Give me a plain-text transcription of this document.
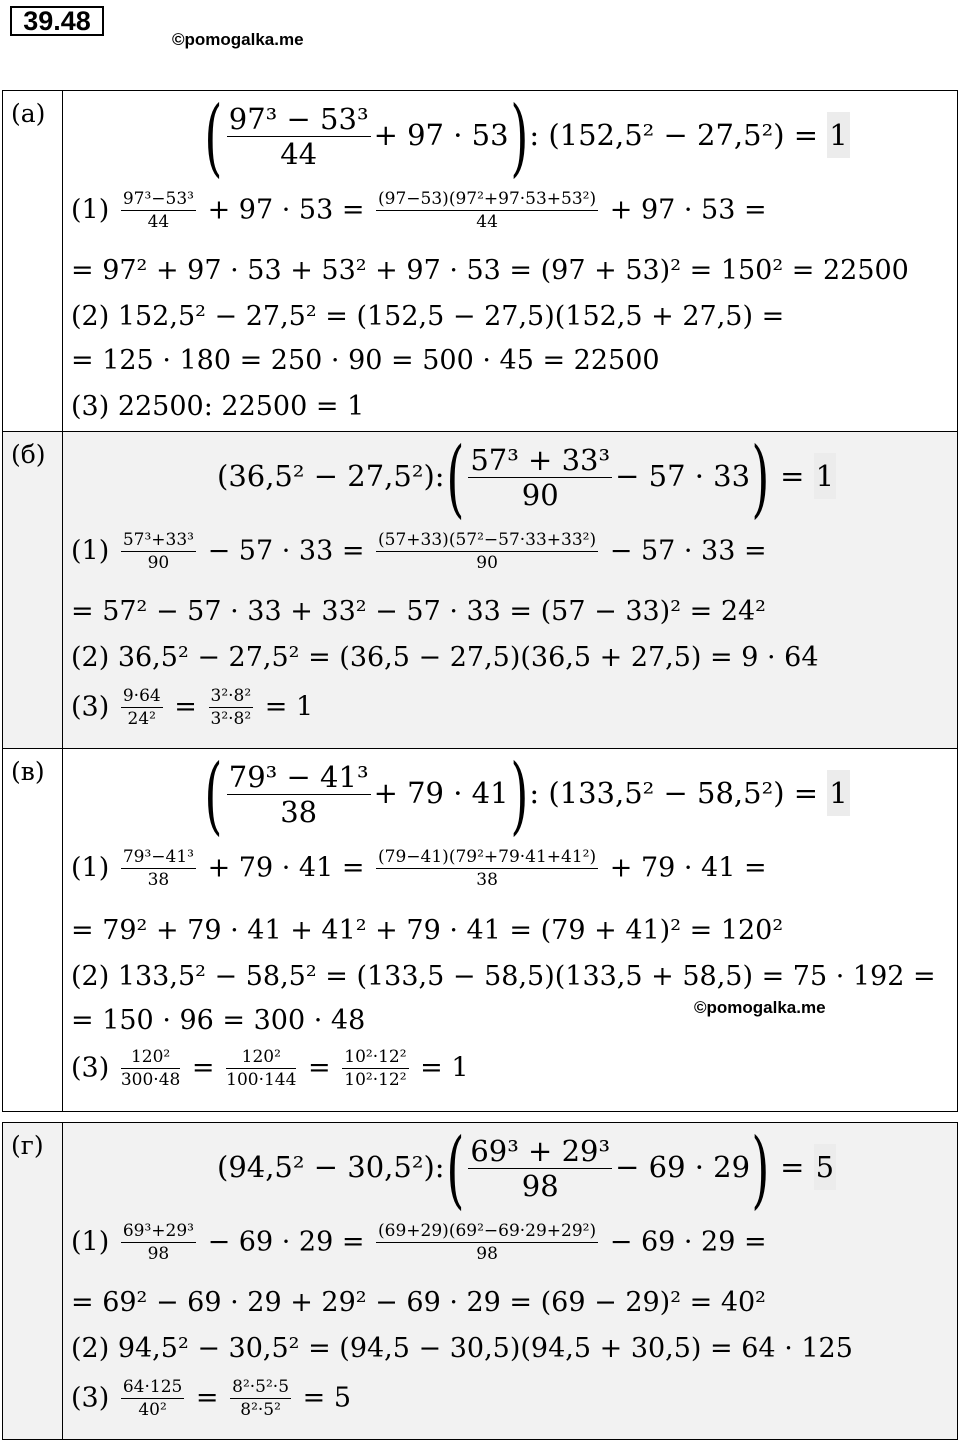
39.48
©pomogalka.me
(а) ( $\frac{\text{97³ − 53³}}{44} + 97 \cdot 53$): (152,5² − 27,5²) = 1
$(1) \frac{\text{97³−53³}}{44} + 97 \cdot 53 = \frac{\text{(97−53)(97²+97·53+53²)}}{44} + 97 \cdot 53$ =
= 97² + 97 · 53 + 53² + 97 · 53 = (97 + 53)² = 150² = 22500
(2) 152,5² − 27,5² = (152,5 − 27,5)(152,5 + 27,5) =
= 125 · 180 = 250 · 90 = 500 · 45 = 22500
(3) 22500: 22500 = 1
(б)
(36,5² − 27,5²):( $\frac{\text{57³ + 33³}}{90} - 57 \cdot 33) = 1$
$(1) \frac{\text{57³+33³}}{90} - 57 \cdot 33 = \frac{\text{(57+33)(57²−57·33+33²)}}{90} - 57 \cdot 33$ =
= 57² − 57 · 33 + 33² − 57 · 33 = (57 − 33)² = 24²
(2) 36,5² − 27,5² = (36,5 − 27,5)(36,5 + 27,5) = 9 · 64
$(3) \frac{9\cdot 64}{\text{24²}} = \frac{\text{3²·8²}}{\text{3²·8²}} = 1$
(в) ( $\frac{\text{79³ − 41³}}{38} + 79 \cdot 41$): (133,5² − 58,5²) = 1
$(1) \frac{\text{79³−41³}}{38} + 79 \cdot 41 = \frac{\text{(79−41)(79²+79·41+41²)}}{38} + 79 \cdot 41$ =
= 79² + 79 · 41 + 41² + 79 · 41 = (79 + 41)² = 120²
(2) 133,5² − 58,5² = (133,5 − 58,5)(133,5 + 58,5) = 75 · 192 =
= 150 · 96 = 300 · 48
$(3) \frac{\text{120²}}{300\cdot 48} = \frac{\text{120²}}{100\cdot 144} = \frac{\text{10²·12²}}{\text{10²·12²}} = 1$
©pomogalka.me
(г)
(94,5² − 30,5²):( $\frac{\text{69³ + 29³}}{98} - 69 \cdot 29) = 5$
$(1) \frac{\text{69³+29³}}{98} - 69 \cdot 29 = \frac{\text{(69+29)(69²−69·29+29²)}}{98} - 69 \cdot 29$ =
= 69² − 69 · 29 + 29² − 69 · 29 = (69 − 29)² = 40²
(2) 94,5² − 30,5² = (94,5 − 30,5)(94,5 + 30,5) = 64 · 125
$(3) \frac{64\cdot 125}{\text{40²}} = \frac{\text{8²·5²·5}}{\text{8²·5²}} = 5$
